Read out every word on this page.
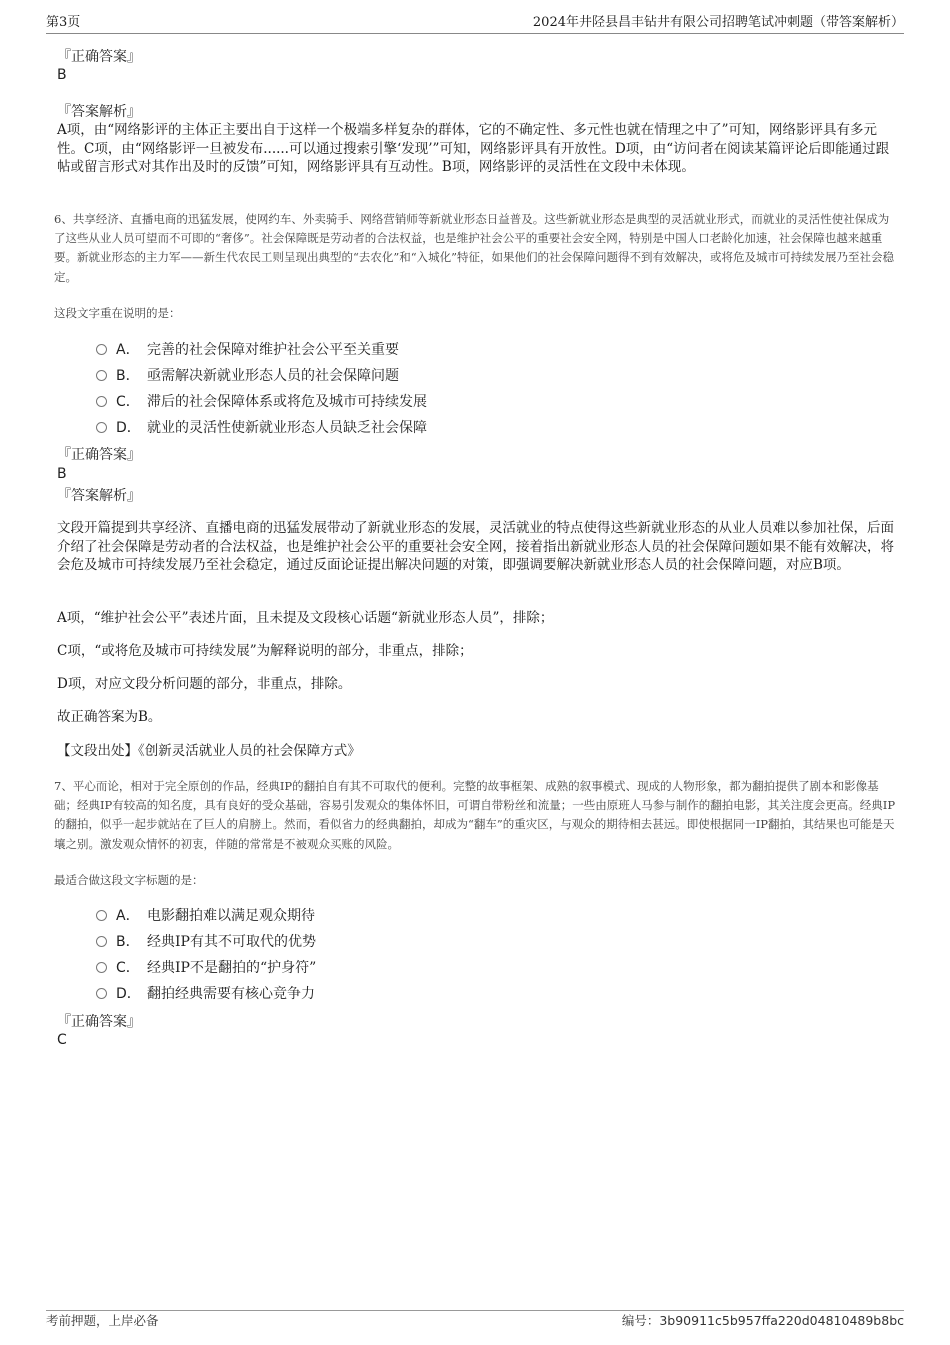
第3页	2024年井陉县昌丰钻井有限公司招聘笔试冲刺题（带答案解析）
『正确答案』
B
『答案解析』
A项，由“网络影评的主体正主要出自于这样一个极端多样复杂的群体，它的不确定性、多元性也就在情理之中了”可知，网络影评具有多元性。C项，由“网络影评一旦被发布......可以通过搜索引擎‘发现’”可知，网络影评具有开放性。D项，由“访问者在阅读某篇评论后即能通过跟帖或留言形式对其作出及时的反馈”可知，网络影评具有互动性。B项，网络影评的灵活性在文段中未体现。
6、共享经济、直播电商的迅猛发展，使网约车、外卖骑手、网络营销师等新就业形态日益普及。这些新就业形态是典型的灵活就业形式，而就业的灵活性使社保成为了这些从业人员可望而不可即的“奢侈”。社会保障既是劳动者的合法权益，也是维护社会公平的重要社会安全网，特别是中国人口老龄化加速，社会保障也越来越重要。新就业形态的主力军——新生代农民工则呈现出典型的“去农化”和“入城化”特征，如果他们的社会保障问题得不到有效解决，或将危及城市可持续发展乃至社会稳定。
这段文字重在说明的是：
A． 完善的社会保障对维护社会公平至关重要
B． 亟需解决新就业形态人员的社会保障问题
C． 滞后的社会保障体系或将危及城市可持续发展
D． 就业的灵活性使新就业形态人员缺乏社会保障
『正确答案』
B
『答案解析』
文段开篇提到共享经济、直播电商的迅猛发展带动了新就业形态的发展，灵活就业的特点使得这些新就业形态的从业人员难以参加社保，后面介绍了社会保障是劳动者的合法权益，也是维护社会公平的重要社会安全网，接着指出新就业形态人员的社会保障问题如果不能有效解决，将会危及城市可持续发展乃至社会稳定，通过反面论证提出解决问题的对策，即强调要解决新就业形态人员的社会保障问题，对应B项。
A项，“维护社会公平”表述片面，且未提及文段核心话题“新就业形态人员”，排除；
C项，“或将危及城市可持续发展”为解释说明的部分，非重点，排除；
D项，对应文段分析问题的部分，非重点，排除。
故正确答案为B。
【文段出处】《创新灵活就业人员的社会保障方式》
7、平心而论，相对于完全原创的作品，经典IP的翻拍自有其不可取代的便利。完整的故事框架、成熟的叙事模式、现成的人物形象，都为翻拍提供了剧本和影像基础；经典IP有较高的知名度，具有良好的受众基础，容易引发观众的集体怀旧，可谓自带粉丝和流量；一些由原班人马参与制作的翻拍电影，其关注度会更高。经典IP的翻拍，似乎一起步就站在了巨人的肩膀上。然而，看似省力的经典翻拍，却成为“翻车”的重灾区，与观众的期待相去甚远。即使根据同一IP翻拍，其结果也可能是天壤之别。激发观众情怀的初衷，伴随的常常是不被观众买账的风险。
最适合做这段文字标题的是：
A． 电影翻拍难以满足观众期待
B． 经典IP有其不可取代的优势
C． 经典IP不是翻拍的“护身符”
D． 翻拍经典需要有核心竞争力
『正确答案』
C
考前押题，上岸必备	编号：3b90911c5b957ffa220d04810489b8bc
